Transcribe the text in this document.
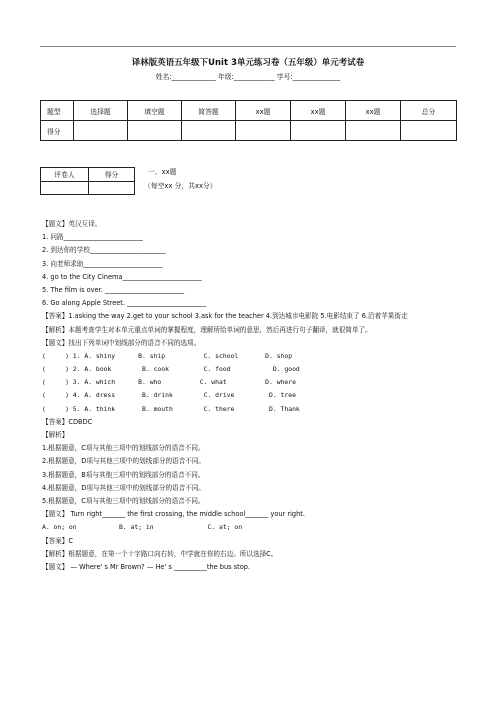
译林版英语五年级下Unit 3单元练习卷（五年级）单元考试卷
姓名:_____________ 年级:____________ 学号:______________
题型	选择题	填空题	简答题	xx题	xx题	xx题	总分
得分							
评卷人	得分
		一、xx题
（每空xx 分，共xx分）
【题文】英汉互译。
1. 问路________________________
2. 到达你的学校_______________________
3. 向老师求助________________________
4. go to the City Cinema________________________
5. The film is over. ________________________
6. Go along Apple Street. ________________________
【答案】1.asking the way 2.get to your school 3.ask for the teacher 4.到达城市电影院 5.电影结束了 6.沿着苹果街走
【解析】本题考查学生对本单元重点单词的掌握程度，理解所给单词的意思，然后再进行句子翻译，就很简单了。
【题文】找出下列单词中划线部分的语音不同的选项。
(     ) 1. A. shiny      B. ship          C. school       D. shop
(     ) 2. A. book        B. cook         C. food           D. good
(     ) 3. A. which      B. who          C. what          D. where
(     ) 4. A. dress       B. drink        C. drive         D. tree
(     ) 5. A. think       B. mouth        C. there         D. Thank
【答案】CDBDC
【解析】
1.根据题意，C项与其他三项中的划线部分的语音不同。
2.根据题意，D项与其他三项中的划线部分的语音不同。
3.根据题意，B项与其他三项中的划线部分的语音不同。
4.根据题意，D项与其他三项中的划线部分的语音不同。
5.根据题意，C项与其他三项中的划线部分的语音不同。
【题文】 Turn right_______ the first crossing, the middle school_______ your right.
A. on; on           B. at; in              C. at; on
【答案】C
【解析】根据题意，在第一个十字路口向右转，中学就在你的右边。所以选择C。
【题文】 — Where' s Mr Brown? — He' s __________the bus stop.
